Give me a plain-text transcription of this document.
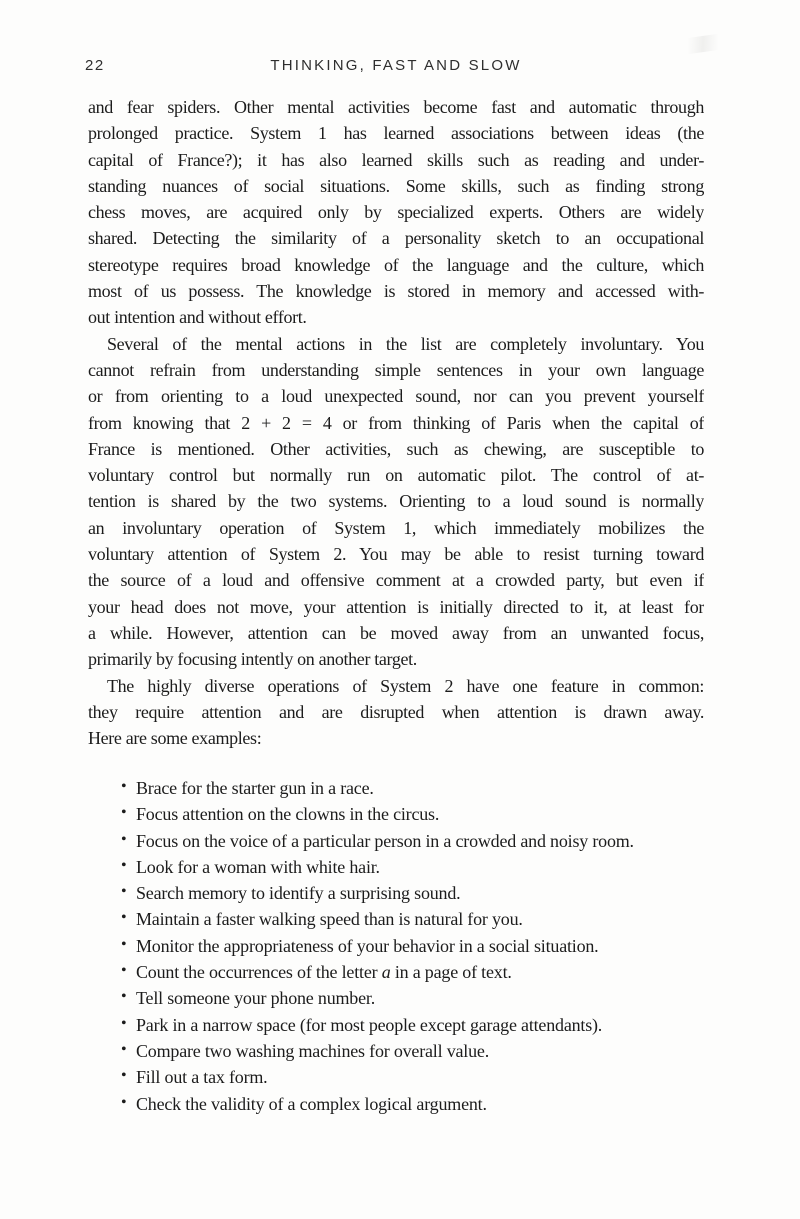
22	THINKING, FAST AND SLOW
and fear spiders. Other mental activities become fast and automatic through
prolonged practice. System 1 has learned associations between ideas (the
capital of France?); it has also learned skills such as reading and under-
standing nuances of social situations. Some skills, such as finding strong
chess moves, are acquired only by specialized experts. Others are widely
shared. Detecting the similarity of a personality sketch to an occupational
stereotype requires broad knowledge of the language and the culture, which
most of us possess. The knowledge is stored in memory and accessed with-
out intention and without effort.
Several of the mental actions in the list are completely involuntary. You
cannot refrain from understanding simple sentences in your own language
or from orienting to a loud unexpected sound, nor can you prevent yourself
from knowing that 2 + 2 = 4 or from thinking of Paris when the capital of
France is mentioned. Other activities, such as chewing, are susceptible to
voluntary control but normally run on automatic pilot. The control of at-
tention is shared by the two systems. Orienting to a loud sound is normally
an involuntary operation of System 1, which immediately mobilizes the
voluntary attention of System 2. You may be able to resist turning toward
the source of a loud and offensive comment at a crowded party, but even if
your head does not move, your attention is initially directed to it, at least for
a while. However, attention can be moved away from an unwanted focus,
primarily by focusing intently on another target.
The highly diverse operations of System 2 have one feature in common:
they require attention and are disrupted when attention is drawn away.
Here are some examples:
• Brace for the starter gun in a race.
• Focus attention on the clowns in the circus.
• Focus on the voice of a particular person in a crowded and noisy room.
• Look for a woman with white hair.
• Search memory to identify a surprising sound.
• Maintain a faster walking speed than is natural for you.
• Monitor the appropriateness of your behavior in a social situation.
• Count the occurrences of the letter a in a page of text.
• Tell someone your phone number.
• Park in a narrow space (for most people except garage attendants).
• Compare two washing machines for overall value.
• Fill out a tax form.
• Check the validity of a complex logical argument.
